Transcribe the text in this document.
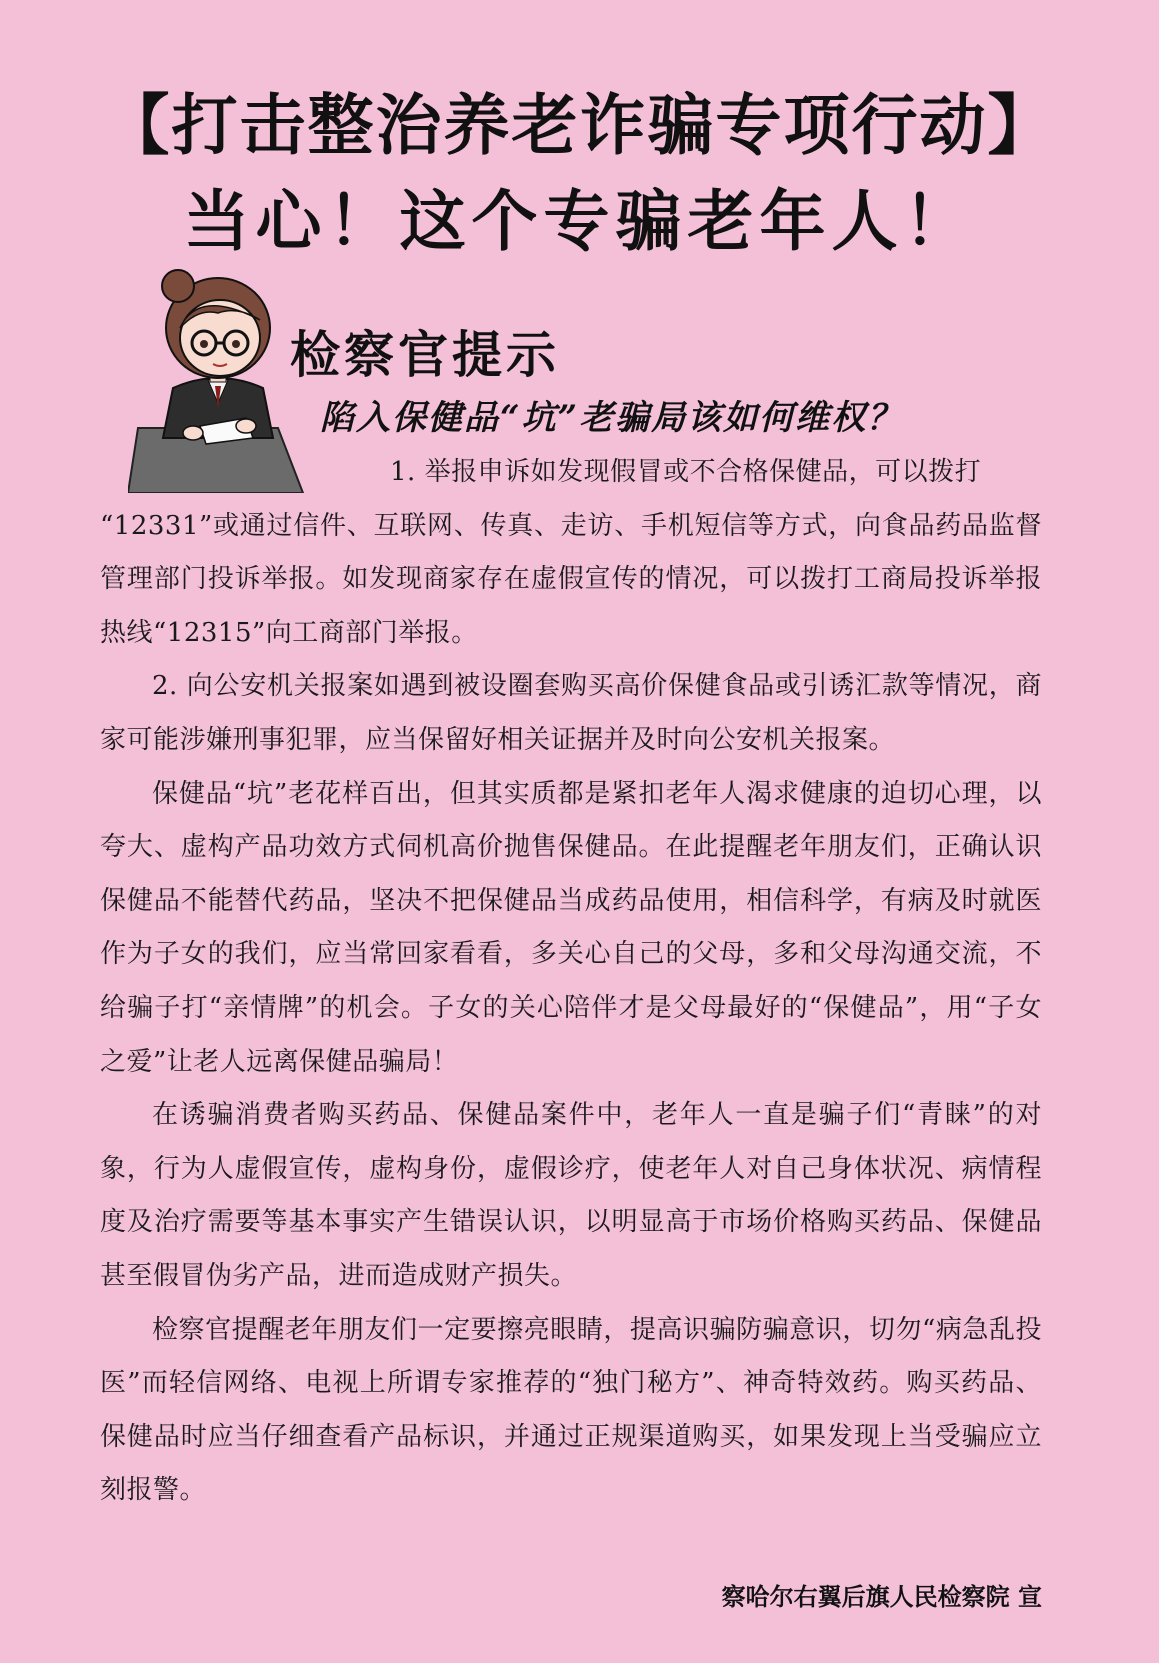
【打击整治养老诈骗专项行动】
当心！这个专骗老年人！
检察官提示
陷入保健品“坑”老骗局该如何维权？

1. 举报申诉如发现假冒或不合格保健品，可以拨打

“12331”或通过信件、互联网、传真、走访、手机短信等方式，向食品药品监督管理部门投诉举报。如发现商家存在虚假宣传的情况，可以拨打工商局投诉举报热线“12315”向工商部门举报。

2. 向公安机关报案如遇到被设圈套购买高价保健食品或引诱汇款等情况，商家可能涉嫌刑事犯罪，应当保留好相关证据并及时向公安机关报案。

保健品“坑”老花样百出，但其实质都是紧扣老年人渴求健康的迫切心理，以夸大、虚构产品功效方式伺机高价抛售保健品。在此提醒老年朋友们，正确认识保健品不能替代药品，坚决不把保健品当成药品使用，相信科学，有病及时就医作为子女的我们，应当常回家看看，多关心自己的父母，多和父母沟通交流，不给骗子打“亲情牌”的机会。子女的关心陪伴才是父母最好的“保健品”，用“子女之爱”让老人远离保健品骗局！

在诱骗消费者购买药品、保健品案件中，老年人一直是骗子们“青睐”的对象，行为人虚假宣传，虚构身份，虚假诊疗，使老年人对自己身体状况、病情程度及治疗需要等基本事实产生错误认识，以明显高于市场价格购买药品、保健品甚至假冒伪劣产品，进而造成财产损失。

检察官提醒老年朋友们一定要擦亮眼睛，提高识骗防骗意识，切勿“病急乱投医”而轻信网络、电视上所谓专家推荐的“独门秘方”、神奇特效药。购买药品、保健品时应当仔细查看产品标识，并通过正规渠道购买，如果发现上当受骗应立刻报警。

察哈尔右翼后旗人民检察院 宣
